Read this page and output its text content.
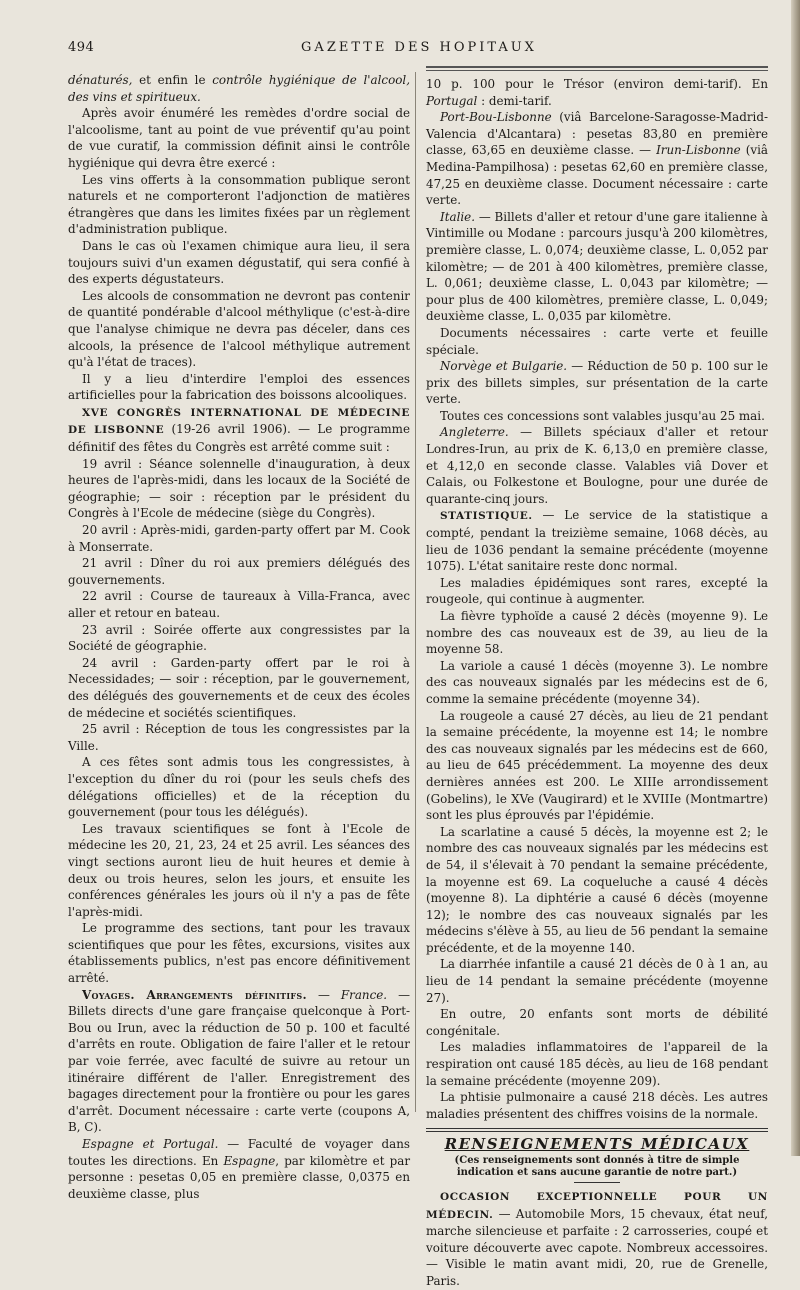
494	GAZETTE DES HOPITAUX

dénaturés, et enfin le contrôle hygiénique de l'alcool, des vins et spiritueux.

Après avoir énuméré les remèdes d'ordre social de l'alcoolisme, tant au point de vue préventif qu'au point de vue curatif, la commission définit ainsi le contrôle hygiénique qui devra être exercé :

Les vins offerts à la consommation publique seront naturels et ne comporteront l'adjonction de matières étrangères que dans les limites fixées par un règlement d'administration publique.

Dans le cas où l'examen chimique aura lieu, il sera toujours suivi d'un examen dégustatif, qui sera confié à des experts dégustateurs.

Les alcools de consommation ne devront pas contenir de quantité pondérable d'alcool méthylique (c'est-à-dire que l'analyse chimique ne devra pas déceler, dans ces alcools, la présence de l'alcool méthylique autrement qu'à l'état de traces).

Il y a lieu d'interdire l'emploi des essences artificielles pour la fabrication des boissons alcooliques.

XVE CONGRÈS INTERNATIONAL DE MÉDECINE DE LISBONNE (19-26 avril 1906). — Le programme définitif des fêtes du Congrès est arrêté comme suit :

19 avril : Séance solennelle d'inauguration, à deux heures de l'après-midi, dans les locaux de la Société de géographie; — soir : réception par le président du Congrès à l'Ecole de médecine (siège du Congrès).

20 avril : Après-midi, garden-party offert par M. Cook à Monserrate.

21 avril : Dîner du roi aux premiers délégués des gouvernements.

22 avril : Course de taureaux à Villa-Franca, avec aller et retour en bateau.

23 avril : Soirée offerte aux congressistes par la Société de géographie.

24 avril : Garden-party offert par le roi à Necessidades; — soir : réception, par le gouvernement, des délégués des gouvernements et de ceux des écoles de médecine et sociétés scientifiques.

25 avril : Réception de tous les congressistes par la Ville.

A ces fêtes sont admis tous les congressistes, à l'exception du dîner du roi (pour les seuls chefs des délégations officielles) et de la réception du gouvernement (pour tous les délégués).

Les travaux scientifiques se font à l'Ecole de médecine les 20, 21, 23, 24 et 25 avril. Les séances des vingt sections auront lieu de huit heures et demie à deux ou trois heures, selon les jours, et ensuite les conférences générales les jours où il n'y a pas de fête l'après-midi.

Le programme des sections, tant pour les travaux scientifiques que pour les fêtes, excursions, visites aux établissements publics, n'est pas encore définitivement arrêté.

Voyages. Arrangements définitifs. — France. — Billets directs d'une gare française quelconque à Port-Bou ou Irun, avec la réduction de 50 p. 100 et faculté d'arrêts en route. Obligation de faire l'aller et le retour par voie ferrée, avec faculté de suivre au retour un itinéraire différent de l'aller. Enregistrement des bagages directement pour la frontière ou pour les gares d'arrêt. Document nécessaire : carte verte (coupons A, B, C).

Espagne et Portugal. — Faculté de voyager dans toutes les directions. En Espagne, par kilomètre et par personne : pesetas 0,05 en première classe, 0,0375 en deuxième classe, plus

10 p. 100 pour le Trésor (environ demi-tarif). En Portugal : demi-tarif.

Port-Bou-Lisbonne (viâ Barcelone-Saragosse-Madrid-Valencia d'Alcantara) : pesetas 83,80 en première classe, 63,65 en deuxième classe. — Irun-Lisbonne (viâ Medina-Pampilhosa) : pesetas 62,60 en première classe, 47,25 en deuxième classe. Document nécessaire : carte verte.

Italie. — Billets d'aller et retour d'une gare italienne à Vintimille ou Modane : parcours jusqu'à 200 kilomètres, première classe, L. 0,074; deuxième classe, L. 0,052 par kilomètre; — de 201 à 400 kilomètres, première classe, L. 0,061; deuxième classe, L. 0,043 par kilomètre; — pour plus de 400 kilomètres, première classe, L. 0,049; deuxième classe, L. 0,035 par kilomètre.

Documents nécessaires : carte verte et feuille spéciale.

Norvège et Bulgarie. — Réduction de 50 p. 100 sur le prix des billets simples, sur présentation de la carte verte.

Toutes ces concessions sont valables jusqu'au 25 mai.

Angleterre. — Billets spéciaux d'aller et retour Londres-Irun, au prix de K. 6,13,0 en première classe, et 4,12,0 en seconde classe. Valables viâ Dover et Calais, ou Folkestone et Boulogne, pour une durée de quarante-cinq jours.

STATISTIQUE. — Le service de la statistique a compté, pendant la treizième semaine, 1068 décès, au lieu de 1036 pendant la semaine précédente (moyenne 1075). L'état sanitaire reste donc normal.

Les maladies épidémiques sont rares, excepté la rougeole, qui continue à augmenter.

La fièvre typhoïde a causé 2 décès (moyenne 9). Le nombre des cas nouveaux est de 39, au lieu de la moyenne 58.

La variole a causé 1 décès (moyenne 3). Le nombre des cas nouveaux signalés par les médecins est de 6, comme la semaine précédente (moyenne 34).

La rougeole a causé 27 décès, au lieu de 21 pendant la semaine précédente, la moyenne est 14; le nombre des cas nouveaux signalés par les médecins est de 660, au lieu de 645 précédemment. La moyenne des deux dernières années est 200. Le XIIIe arrondissement (Gobelins), le XVe (Vaugirard) et le XVIIIe (Montmartre) sont les plus éprouvés par l'épidémie.

La scarlatine a causé 5 décès, la moyenne est 2; le nombre des cas nouveaux signalés par les médecins est de 54, il s'élevait à 70 pendant la semaine précédente, la moyenne est 69. La coqueluche a causé 4 décès (moyenne 8). La diphtérie a causé 6 décès (moyenne 12); le nombre des cas nouveaux signalés par les médecins s'élève à 55, au lieu de 56 pendant la semaine précédente, et de la moyenne 140.

La diarrhée infantile a causé 21 décès de 0 à 1 an, au lieu de 14 pendant la semaine précédente (moyenne 27).

En outre, 20 enfants sont morts de débilité congénitale.

Les maladies inflammatoires de l'appareil de la respiration ont causé 185 décès, au lieu de 168 pendant la semaine précédente (moyenne 209).

La phtisie pulmonaire a causé 218 décès. Les autres maladies présentent des chiffres voisins de la normale.

RENSEIGNEMENTS MÉDICAUX
(Ces renseignements sont donnés à titre de simple indication et sans aucune garantie de notre part.)

OCCASION EXCEPTIONNELLE POUR UN MÉDECIN. — Automobile Mors, 15 chevaux, état neuf, marche silencieuse et parfaite : 2 carrosseries, coupé et voiture découverte avec capote. Nombreux accessoires. — Visible le matin avant midi, 20, rue de Grenelle, Paris.
